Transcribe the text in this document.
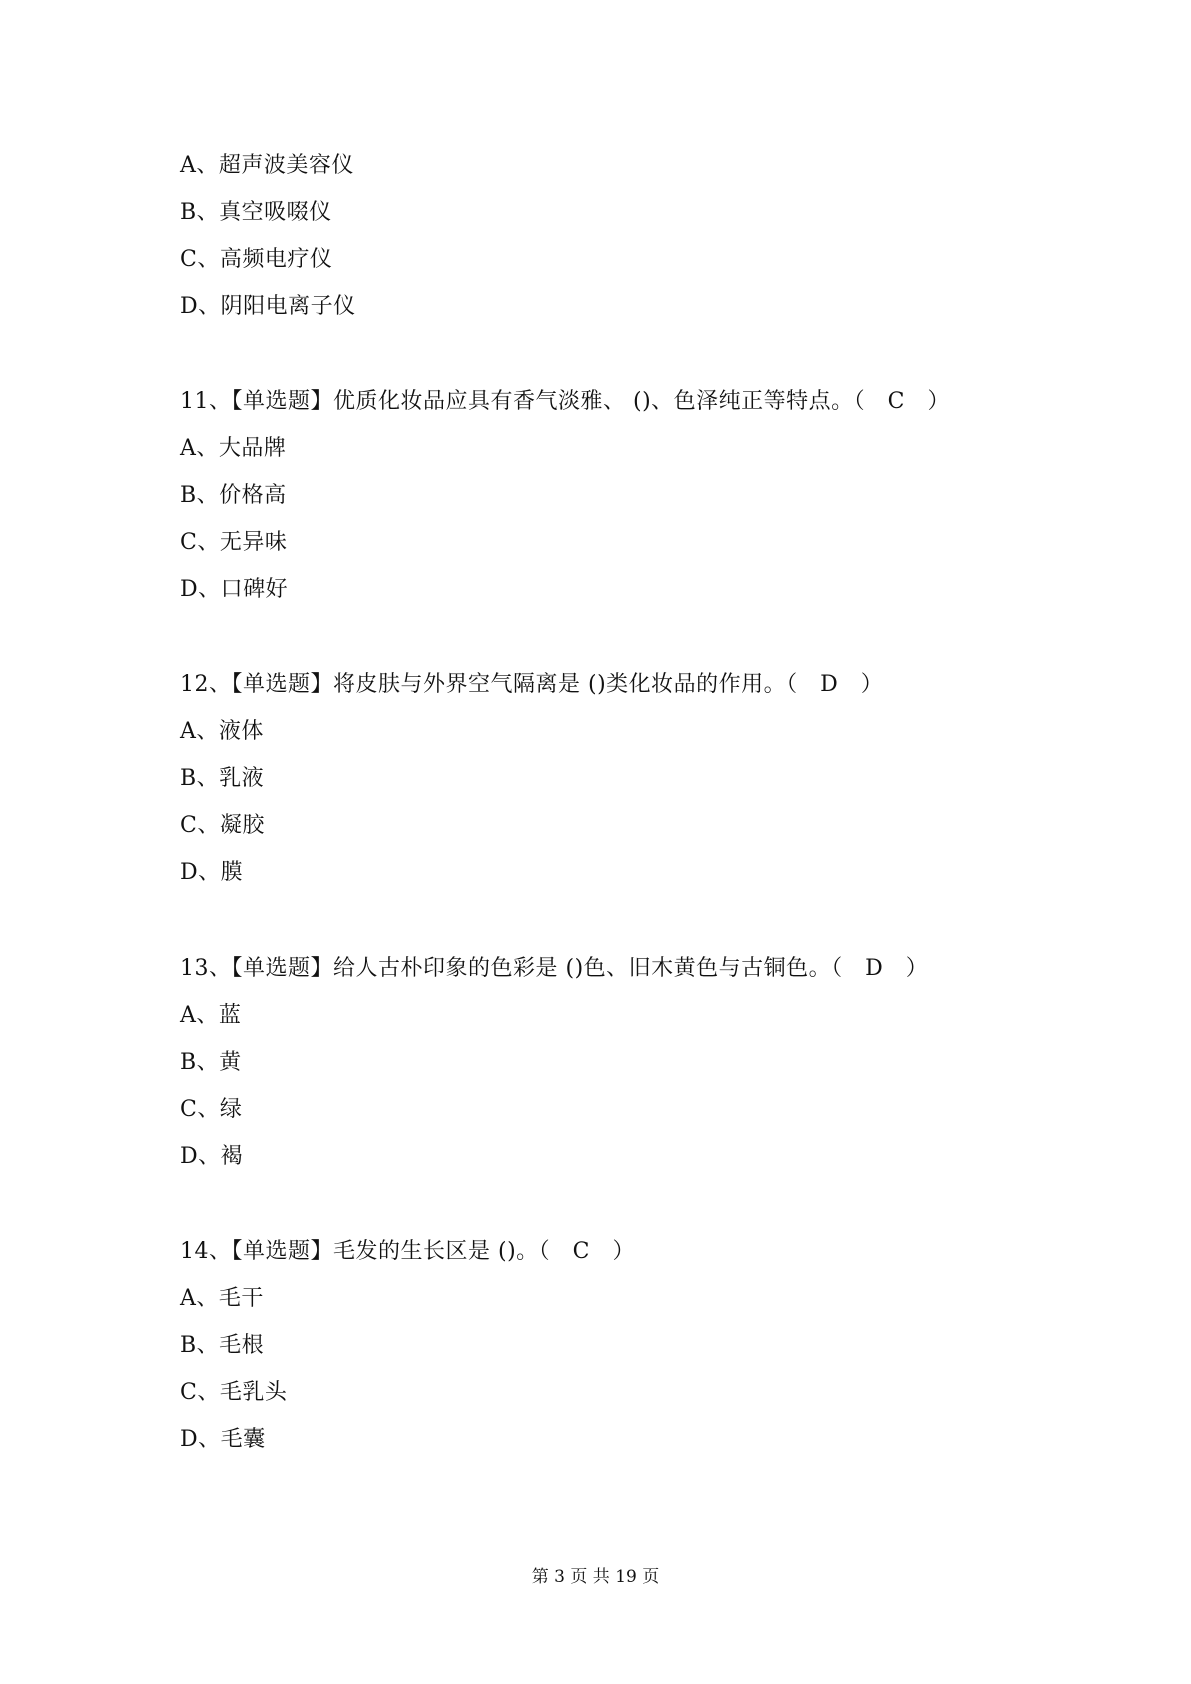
A、超声波美容仪
B、真空吸啜仪
C、高频电疗仪
D、阴阳电离子仪
11、【单选题】优质化妆品应具有香气淡雅、 ()、色泽纯正等特点。（   C   ）
A、大品牌
B、价格高
C、无异味
D、口碑好
12、【单选题】将皮肤与外界空气隔离是 ()类化妆品的作用。（   D   ）
A、液体
B、乳液
C、凝胶
D、膜
13、【单选题】给人古朴印象的色彩是 ()色、旧木黄色与古铜色。（   D   ）
A、蓝
B、黄
C、绿
D、褐
14、【单选题】毛发的生长区是 ()。（   C   ）
A、毛干
B、毛根
C、毛乳头
D、毛囊
第 3 页 共 19 页
